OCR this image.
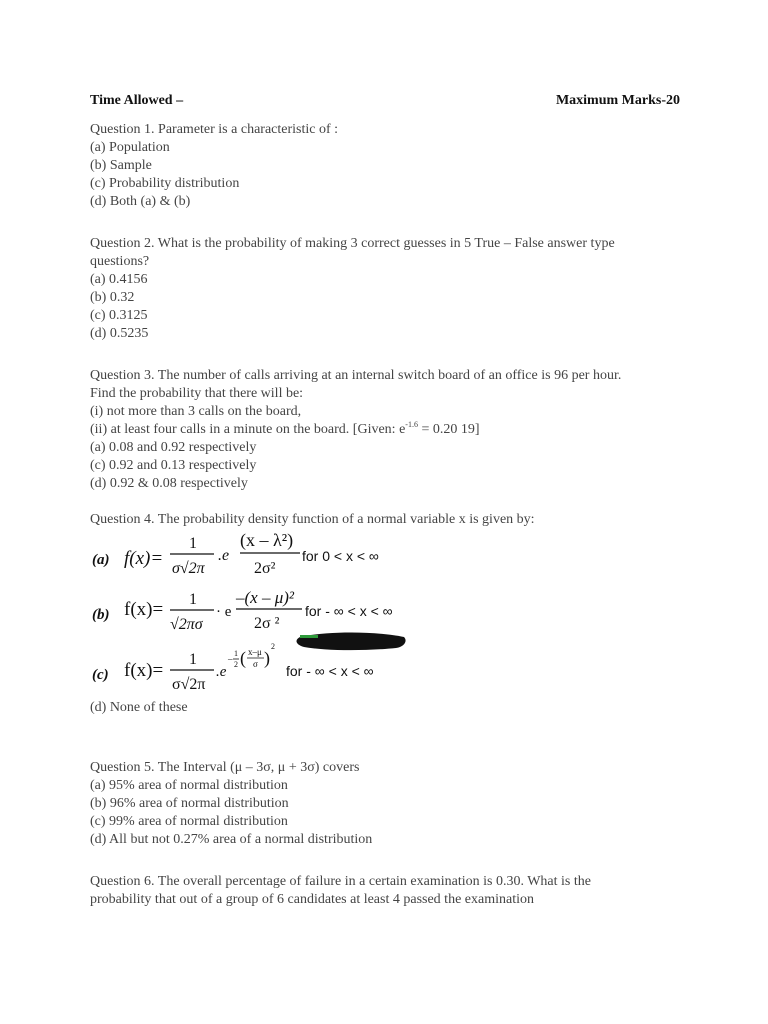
Time Allowed –	Maximum Marks-20
Question 1. Parameter is a characteristic of :
(a) Population
(b) Sample
(c) Probability distribution
(d) Both (a) & (b)
Question 2. What is the probability of making 3 correct guesses in 5 True – False answer type
questions?
(a) 0.4156
(b) 0.32
(c) 0.3125
(d) 0.5235
Question 3. The number of calls arriving at an internal switch board of an office is 96 per hour.
Find the probability that there will be:
(i) not more than 3 calls on the board,
(ii) at least four calls in a minute on the board. [Given: $e^{-1.6} = 0.20$ 19]
(a) 0.08 and 0.92 respectively
(c) 0.92 and 0.13 respectively
(d) 0.92 & 0.08 respectively
Question 4. The probability density function of a normal variable x is given by:
(a) f(x)=
1
σ√2π
.e
(x – λ²)
2σ²
for 0 < x < ∞
(b) f(x)= 1
√2πσ
· e
–(x – μ)²
2σ ²
for - ∞ < x < ∞
(c) f(x)=
1
σ√2π
.e
–
1
2 ( x–μ
σ )
2
for - ∞ < x < ∞
(d) None of these
Question 5. The Interval (μ – 3σ, μ + 3σ) covers
(a) 95% area of normal distribution
(b) 96% area of normal distribution
(c) 99% area of normal distribution
(d) All but not 0.27% area of a normal distribution
Question 6. The overall percentage of failure in a certain examination is 0.30. What is the
probability that out of a group of 6 candidates at least 4 passed the examination
